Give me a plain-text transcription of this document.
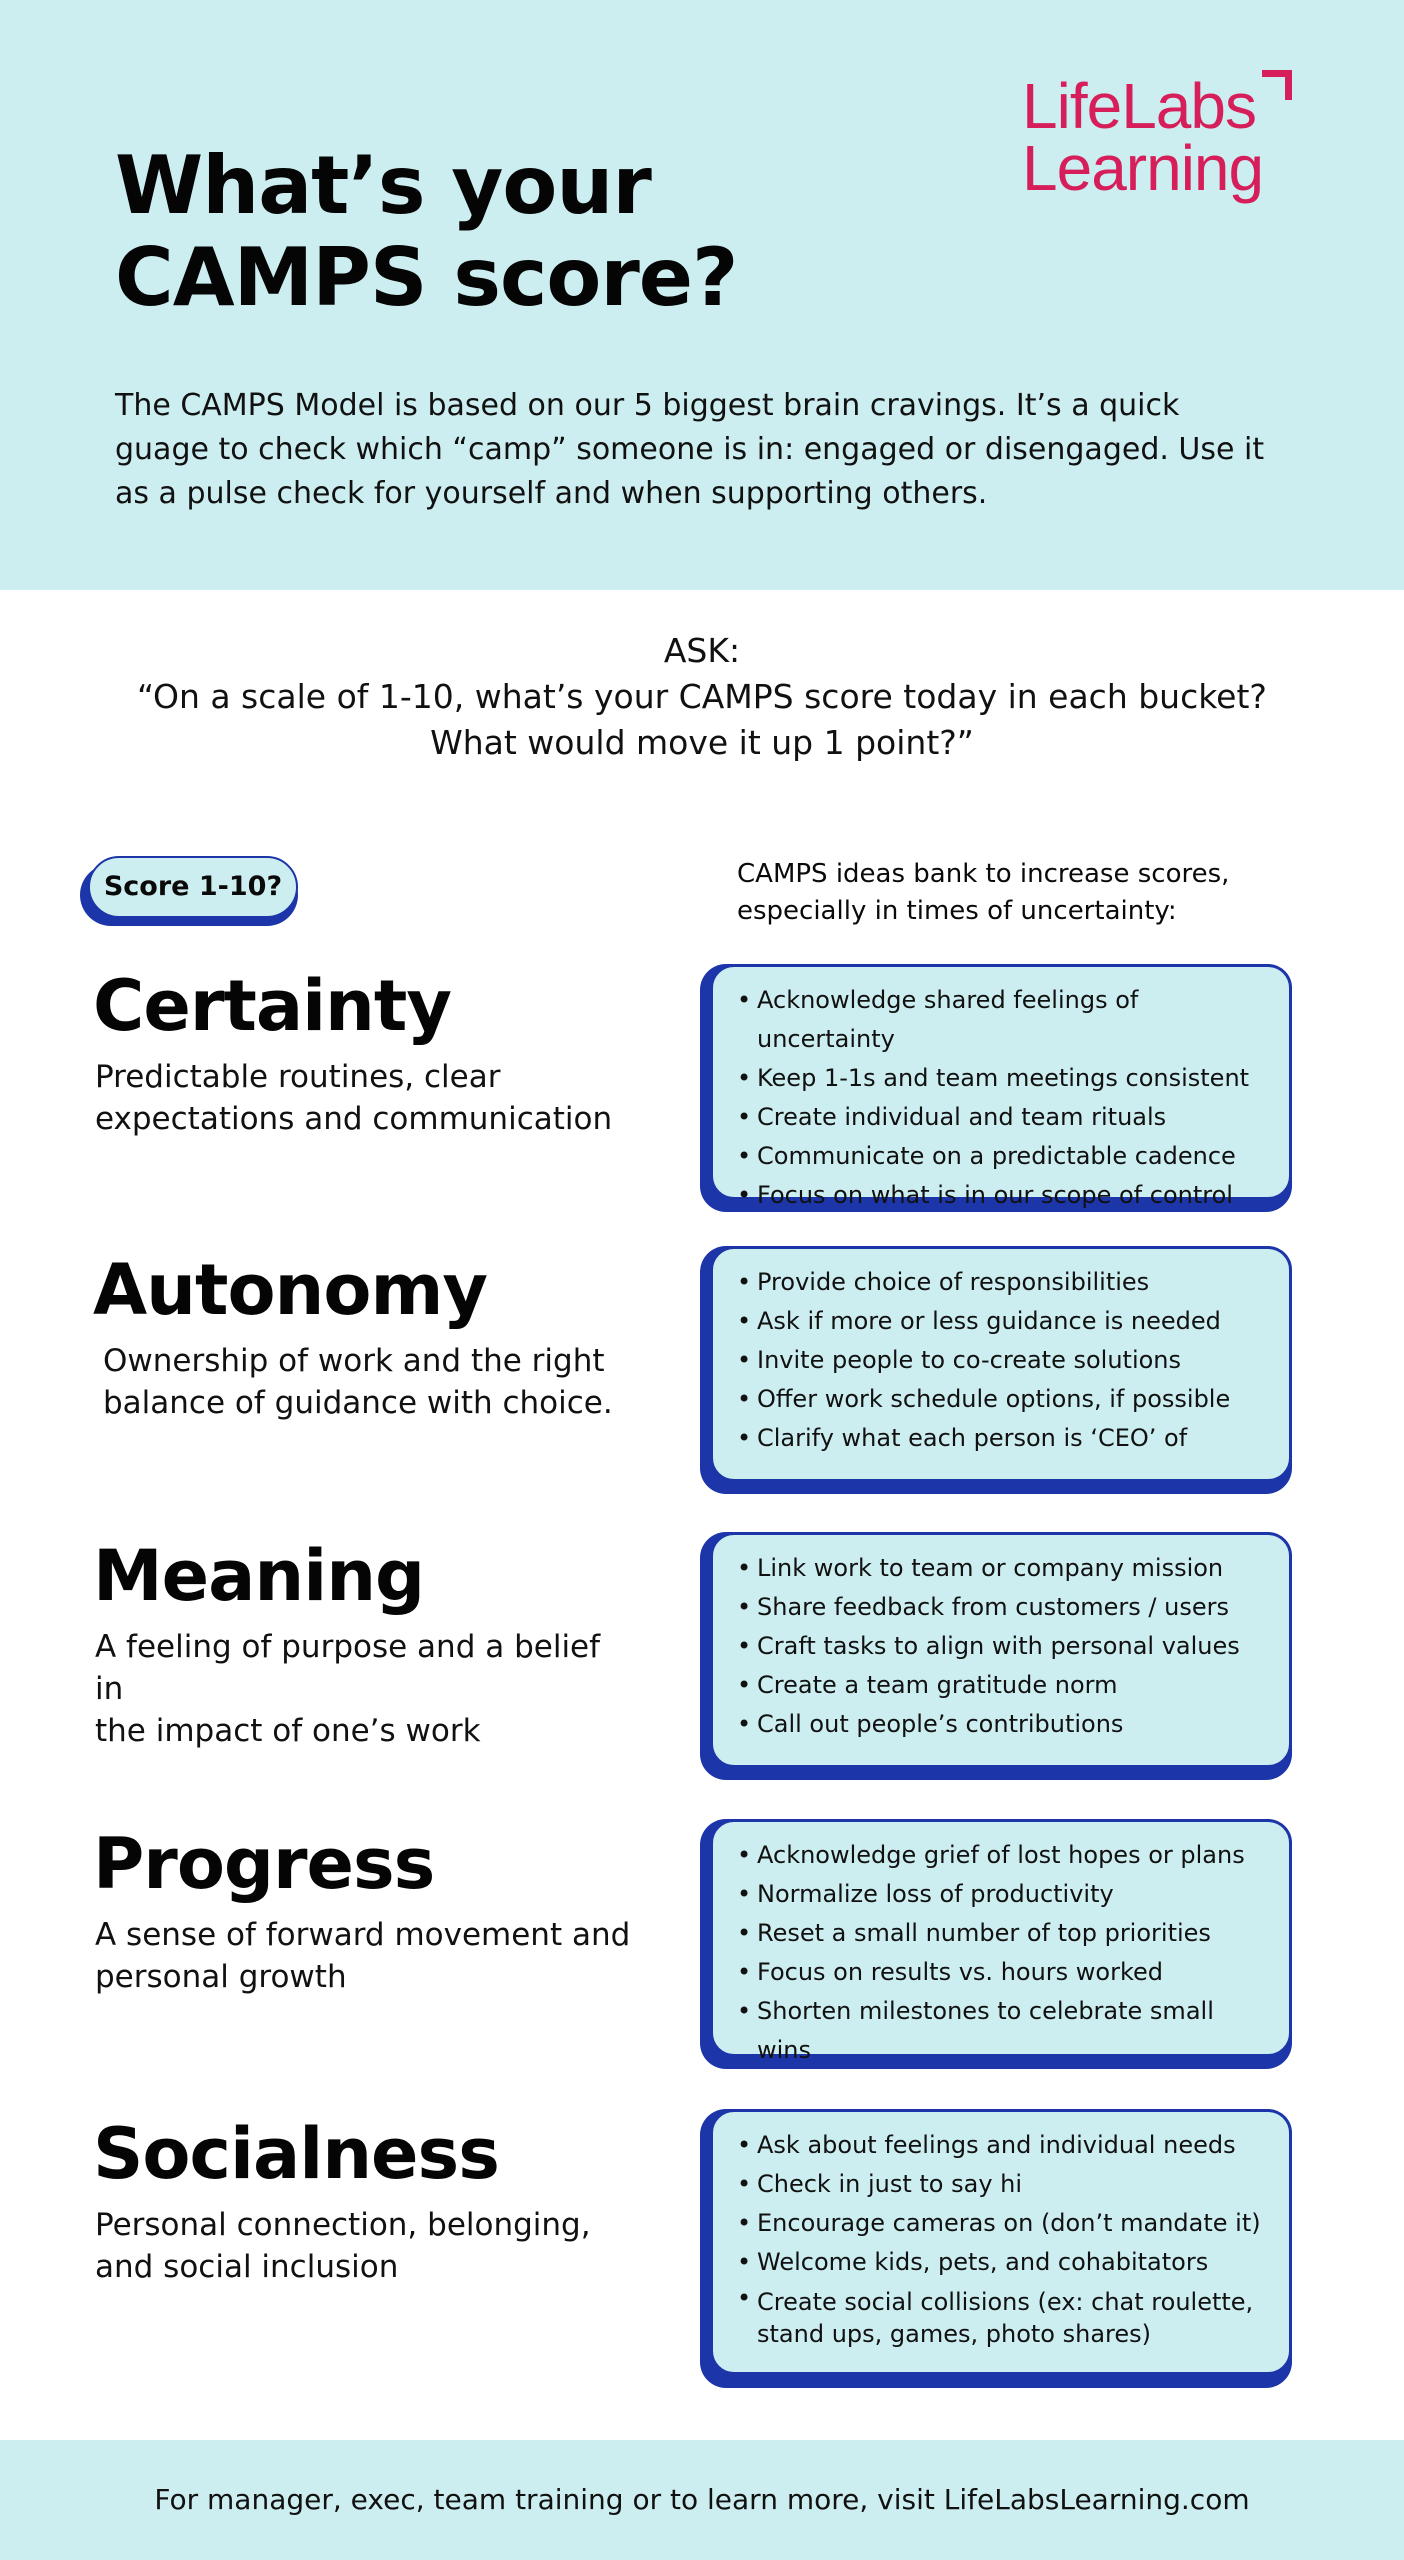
What’s your
CAMPS score?
LifeLabs
Learning

The CAMPS Model is based on our 5 biggest brain cravings. It’s a quick guage to check which “camp” someone is in: engaged or disengaged. Use it as a pulse check for yourself and when supporting others.

ASK:
“On a scale of 1-10, what’s your CAMPS score today in each bucket?
What would move it up 1 point?”
Score 1-10?	CAMPS ideas bank to increase scores,
especially in times of uncertainty:
Certainty

Predictable routines, clear
expectations and communication

• Acknowledge shared feelings of uncertainty
• Keep 1-1s and team meetings consistent
• Create individual and team rituals
• Communicate on a predictable cadence
• Focus on what is in our scope of control
Autonomy

Ownership of work and the right
balance of guidance with choice.

• Provide choice of responsibilities
• Ask if more or less guidance is needed
• Invite people to co-create solutions
• Offer work schedule options, if possible
• Clarify what each person is ‘CEO’ of
Meaning

A feeling of purpose and a belief in
the impact of one’s work

• Link work to team or company mission
• Share feedback from customers / users
• Craft tasks to align with personal values
• Create a team gratitude norm
• Call out people’s contributions
Progress

A sense of forward movement and
personal growth

• Acknowledge grief of lost hopes or plans
• Normalize loss of productivity
• Reset a small number of top priorities
• Focus on results vs. hours worked
• Shorten milestones to celebrate small wins
Socialness

Personal connection, belonging,
and social inclusion

• Ask about feelings and individual needs
• Check in just to say hi
• Encourage cameras on (don’t mandate it)
• Welcome kids, pets, and cohabitators
• Create social collisions (ex: chat roulette, stand ups, games, photo shares)
For manager, exec, team training or to learn more, visit LifeLabsLearning.com
